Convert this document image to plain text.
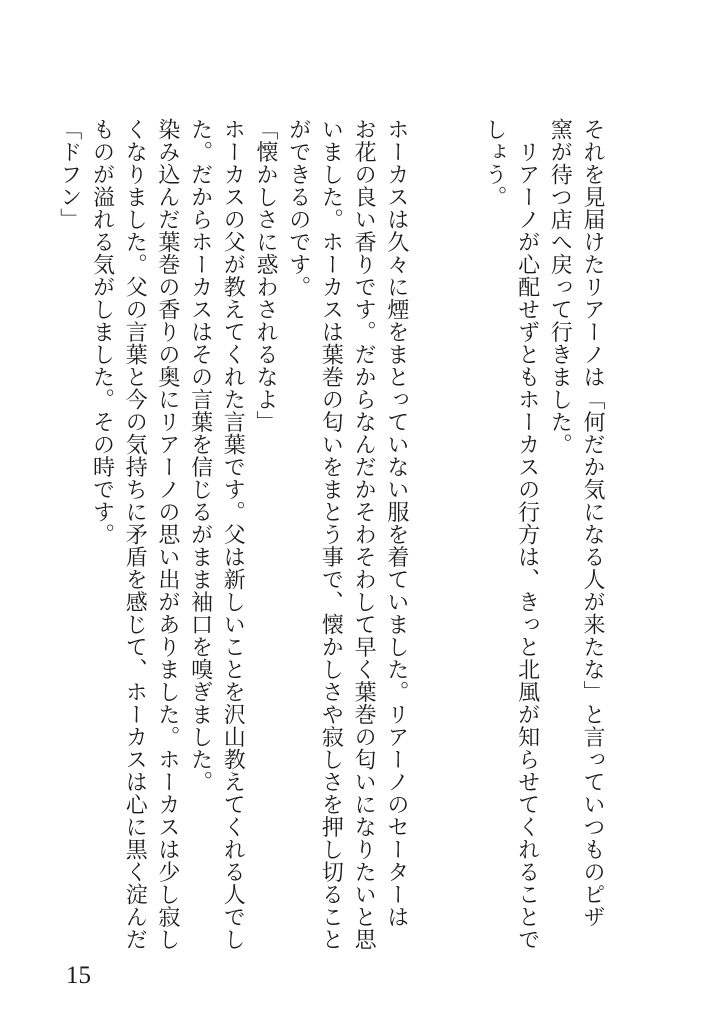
それを見届けたリアーノは「何だか気になる人が来たな」と言っていつものピザ
窯が待つ店へ戻って行きました。
　リアーノが心配せずともホーカスの行方は、きっと北風が知らせてくれることで
しょう。
ホーカスは久々に煙をまとっていない服を着ていました。リアーノのセーターは
お花の良い香りです。だからなんだかそわそわして早く葉巻の匂いになりたいと思
いました。ホーカスは葉巻の匂いをまとう事で、懐かしさや寂しさを押し切ること
ができるのです。
「懐かしさに惑わされるなよ」
ホーカスの父が教えてくれた言葉です。父は新しいことを沢山教えてくれる人でし
た。だからホーカスはその言葉を信じるがまま袖口を嗅ぎました。
染み込んだ葉巻の香りの奥にリアーノの思い出がありました。ホーカスは少し寂し
くなりました。父の言葉と今の気持ちに矛盾を感じて、ホーカスは心に黒く淀んだ
ものが溢れる気がしました。その時です。
「ドフン」
15
